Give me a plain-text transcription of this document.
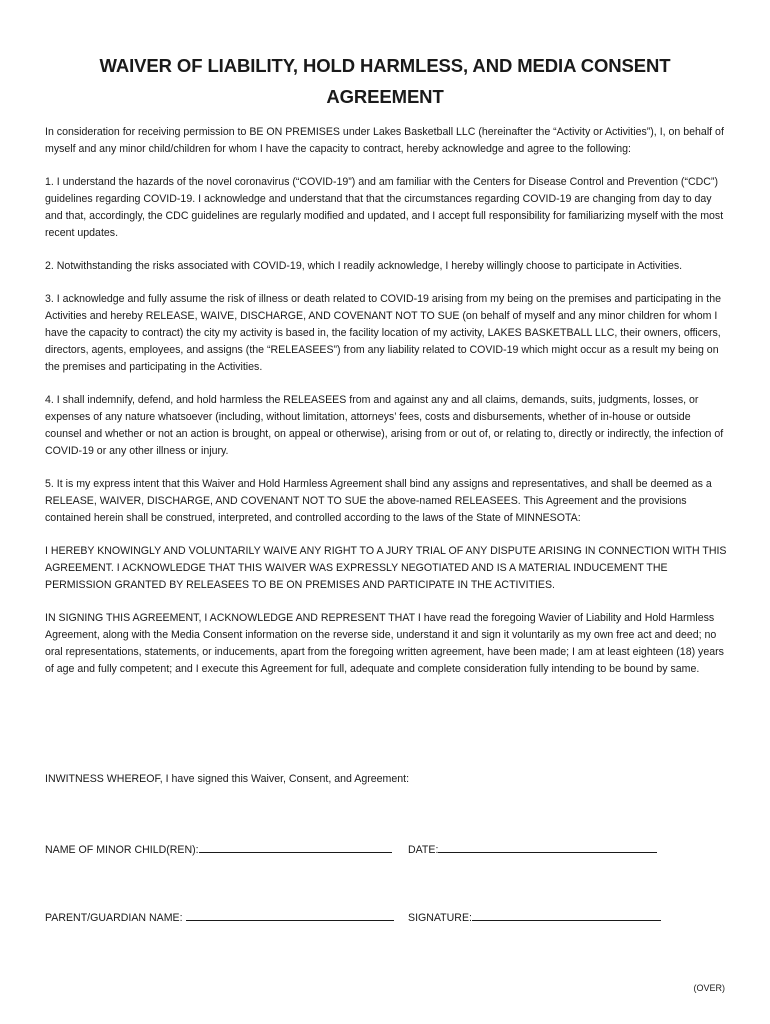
WAIVER OF LIABILITY, HOLD HARMLESS, AND MEDIA CONSENT AGREEMENT

In consideration for receiving permission to BE ON PREMISES under Lakes Basketball LLC (hereinafter the “Activity or Activities”), I, on behalf of myself and any minor child/children for whom I have the capacity to contract, hereby acknowledge and agree to the following:

1. I understand the hazards of the novel coronavirus (“COVID-19”) and am familiar with the Centers for Disease Control and Prevention (“CDC”) guidelines regarding COVID-19. I acknowledge and understand that that the circumstances regarding COVID-19 are changing from day to day and that, accordingly, the CDC guidelines are regularly modified and updated, and I accept full responsibility for familiarizing myself with the most recent updates.

2. Notwithstanding the risks associated with COVID-19, which I readily acknowledge, I hereby willingly choose to participate in Activities.

3. I acknowledge and fully assume the risk of illness or death related to COVID-19 arising from my being on the premises and participating in the Activities and hereby RELEASE, WAIVE, DISCHARGE, AND COVENANT NOT TO SUE (on behalf of myself and any minor children for whom I have the capacity to contract) the city my activity is based in, the facility location of my activity, LAKES BASKETBALL LLC, their owners, officers, directors, agents, employees, and assigns (the “RELEASEES”) from any liability related to COVID-19 which might occur as a result my being on the premises and participating in the Activities.

4. I shall indemnify, defend, and hold harmless the RELEASEES from and against any and all claims, demands, suits, judgments, losses, or expenses of any nature whatsoever (including, without limitation, attorneys’ fees, costs and disbursements, whether of in-house or outside counsel and whether or not an action is brought, on appeal or otherwise), arising from or out of, or relating to, directly or indirectly, the infection of COVID-19 or any other illness or injury.

5. It is my express intent that this Waiver and Hold Harmless Agreement shall bind any assigns and representatives, and shall be deemed as a RELEASE, WAIVER, DISCHARGE, AND COVENANT NOT TO SUE the above-named RELEASEES. This Agreement and the provisions contained herein shall be construed, interpreted, and controlled according to the laws of the State of MINNESOTA:

I HEREBY KNOWINGLY AND VOLUNTARILY WAIVE ANY RIGHT TO A JURY TRIAL OF ANY DISPUTE ARISING IN CONNECTION WITH THIS AGREEMENT. I ACKNOWLEDGE THAT THIS WAIVER WAS EXPRESSLY NEGOTIATED AND IS A MATERIAL INDUCEMENT THE PERMISSION GRANTED BY RELEASEES TO BE ON PREMISES AND PARTICIPATE IN THE ACTIVITIES.

IN SIGNING THIS AGREEMENT, I ACKNOWLEDGE AND REPRESENT THAT I have read the foregoing Wavier of Liability and Hold Harmless Agreement, along with the Media Consent information on the reverse side, understand it and sign it voluntarily as my own free act and deed; no oral representations, statements, or inducements, apart from the foregoing written agreement, have been made; I am at least eighteen (18) years of age and fully competent; and I execute this Agreement for full, adequate and complete consideration fully intending to be bound by same.

INWITNESS WHEREOF, I have signed this Waiver, Consent, and Agreement:
NAME OF MINOR CHILD(REN):	DATE:
PARENT/GUARDIAN NAME:	SIGNATURE:
(OVER)
